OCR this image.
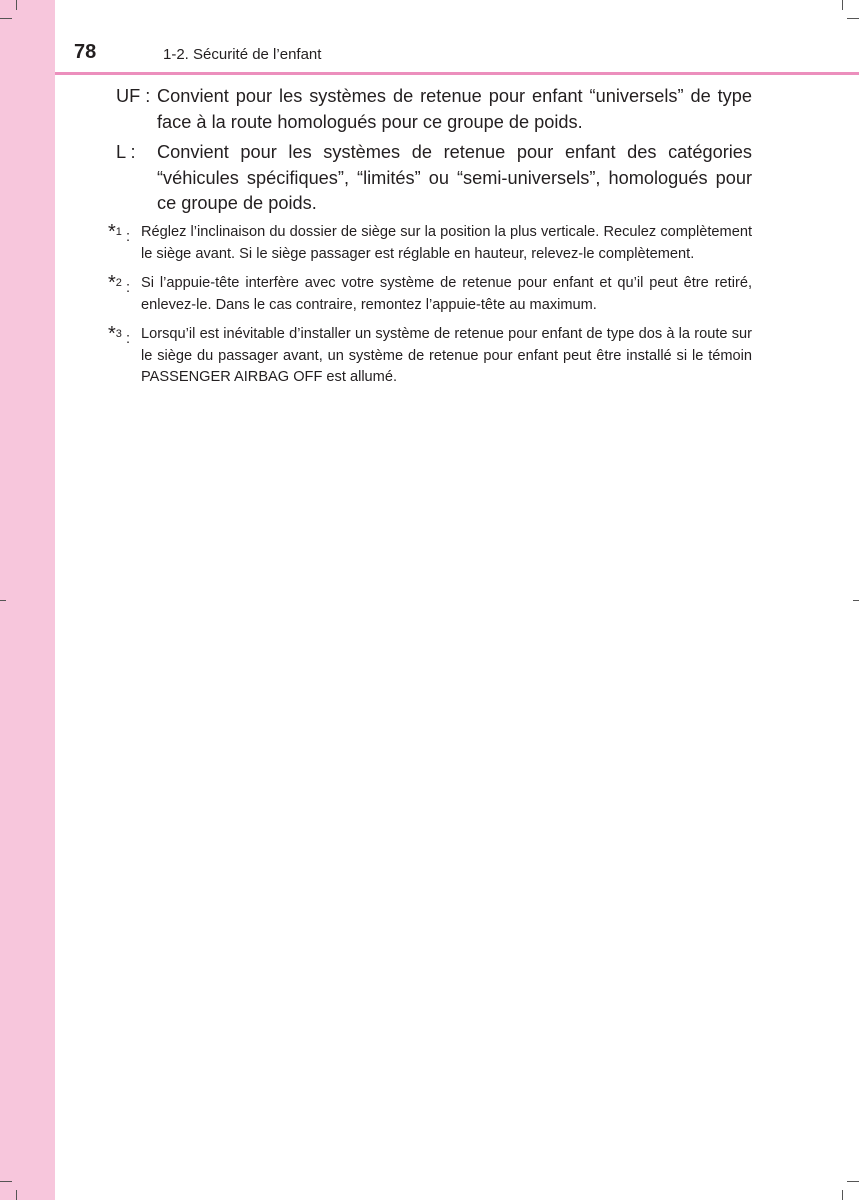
78	1-2. Sécurité de l’enfant
UF : Convient pour les systèmes de retenue pour enfant “universels” de type face à la route homologués pour ce groupe de poids.
L :	Convient pour les systèmes de retenue pour enfant des catégories “véhicules spécifiques”, “limités” ou “semi-universels”, homologués pour ce groupe de poids.
*$^1$ : Réglez l’inclinaison du dossier de siège sur la position la plus verticale. Reculez complètement le siège avant. Si le siège passager est réglable en hauteur, relevez-le complètement.
*$^2$ : Si l’appuie-tête interfère avec votre système de retenue pour enfant et qu’il peut être retiré, enlevez-le. Dans le cas contraire, remontez l’appuie-tête au maximum.
*$^3$ : Lorsqu’il est inévitable d’installer un système de retenue pour enfant de type dos à la route sur le siège du passager avant, un système de retenue pour enfant peut être installé si le témoin PASSENGER AIRBAG OFF est allumé.
